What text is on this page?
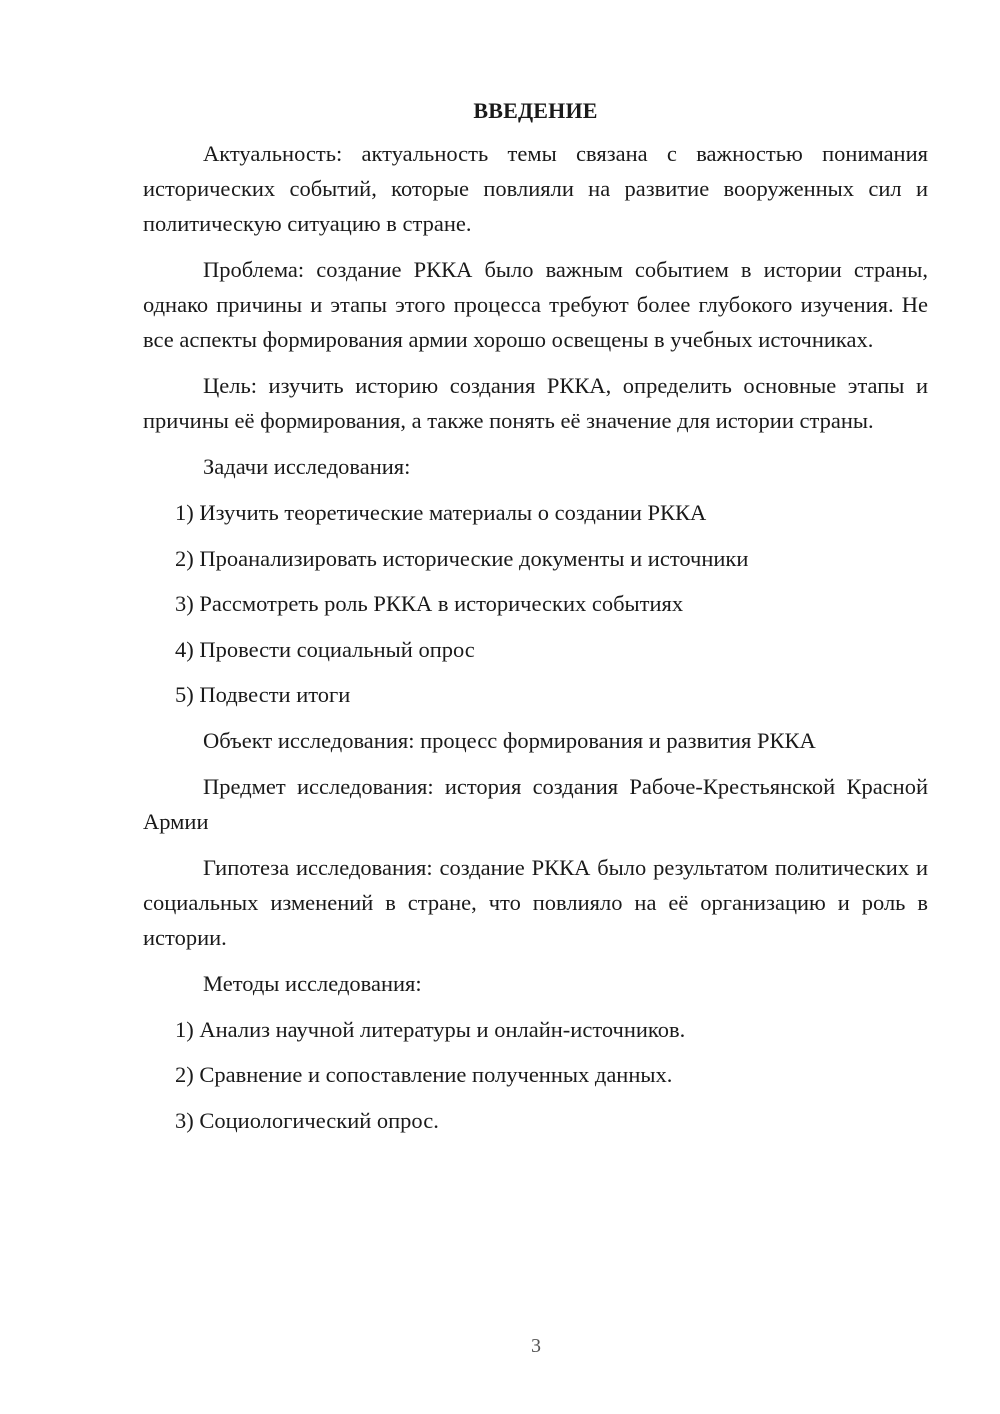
ВВЕДЕНИЕ

Актуальность: актуальность темы связана с важностью понимания исторических событий, которые повлияли на развитие вооруженных сил и политическую ситуацию в стране.

Проблема: создание РККА было важным событием в истории страны, однако причины и этапы этого процесса требуют более глубокого изучения. Не все аспекты формирования армии хорошо освещены в учебных источниках.

Цель: изучить историю создания РККА, определить основные этапы и причины её формирования, а также понять её значение для истории страны.

Задачи исследования:

1) Изучить теоретические материалы о создании РККА
2) Проанализировать исторические документы и источники
3) Рассмотреть роль РККА в исторических событиях
4) Провести социальный опрос
5) Подвести итоги

Объект исследования: процесс формирования и развития РККА

Предмет исследования: история создания Рабоче-Крестьянской Красной Армии

Гипотеза исследования: создание РККА было результатом политических и социальных изменений в стране, что повлияло на её организацию и роль в истории.

Методы исследования:

1) Анализ научной литературы и онлайн-источников.
2) Сравнение и сопоставление полученных данных.
3) Социологический опрос.
3
